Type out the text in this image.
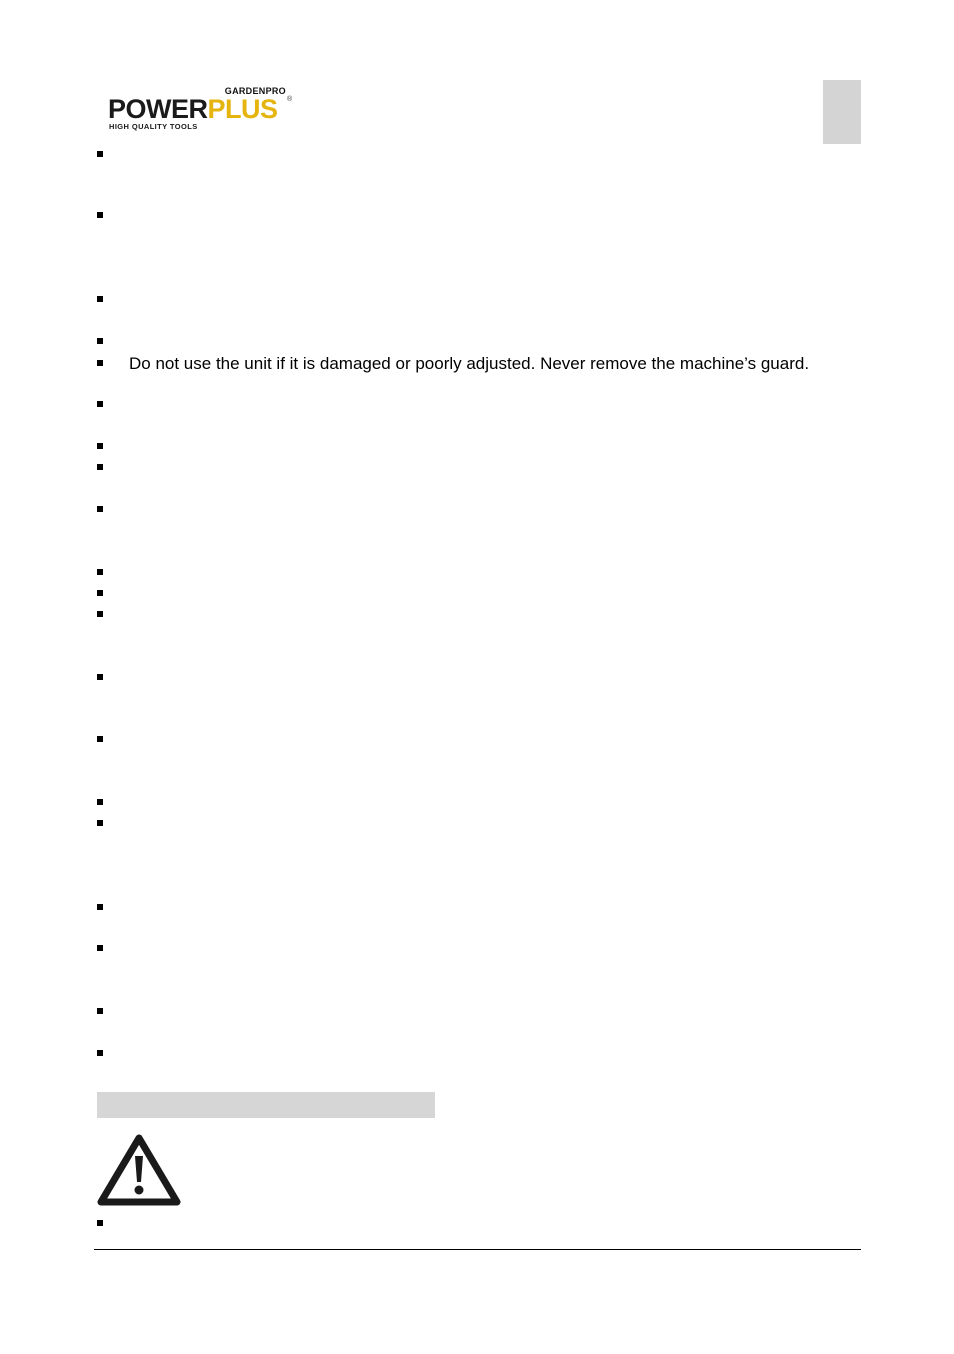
GARDENPRO
POWERPLUS ®
HIGH QUALITY TOOLS
Do not use the unit if it is damaged or poorly adjusted. Never remove the machine’s guard.
